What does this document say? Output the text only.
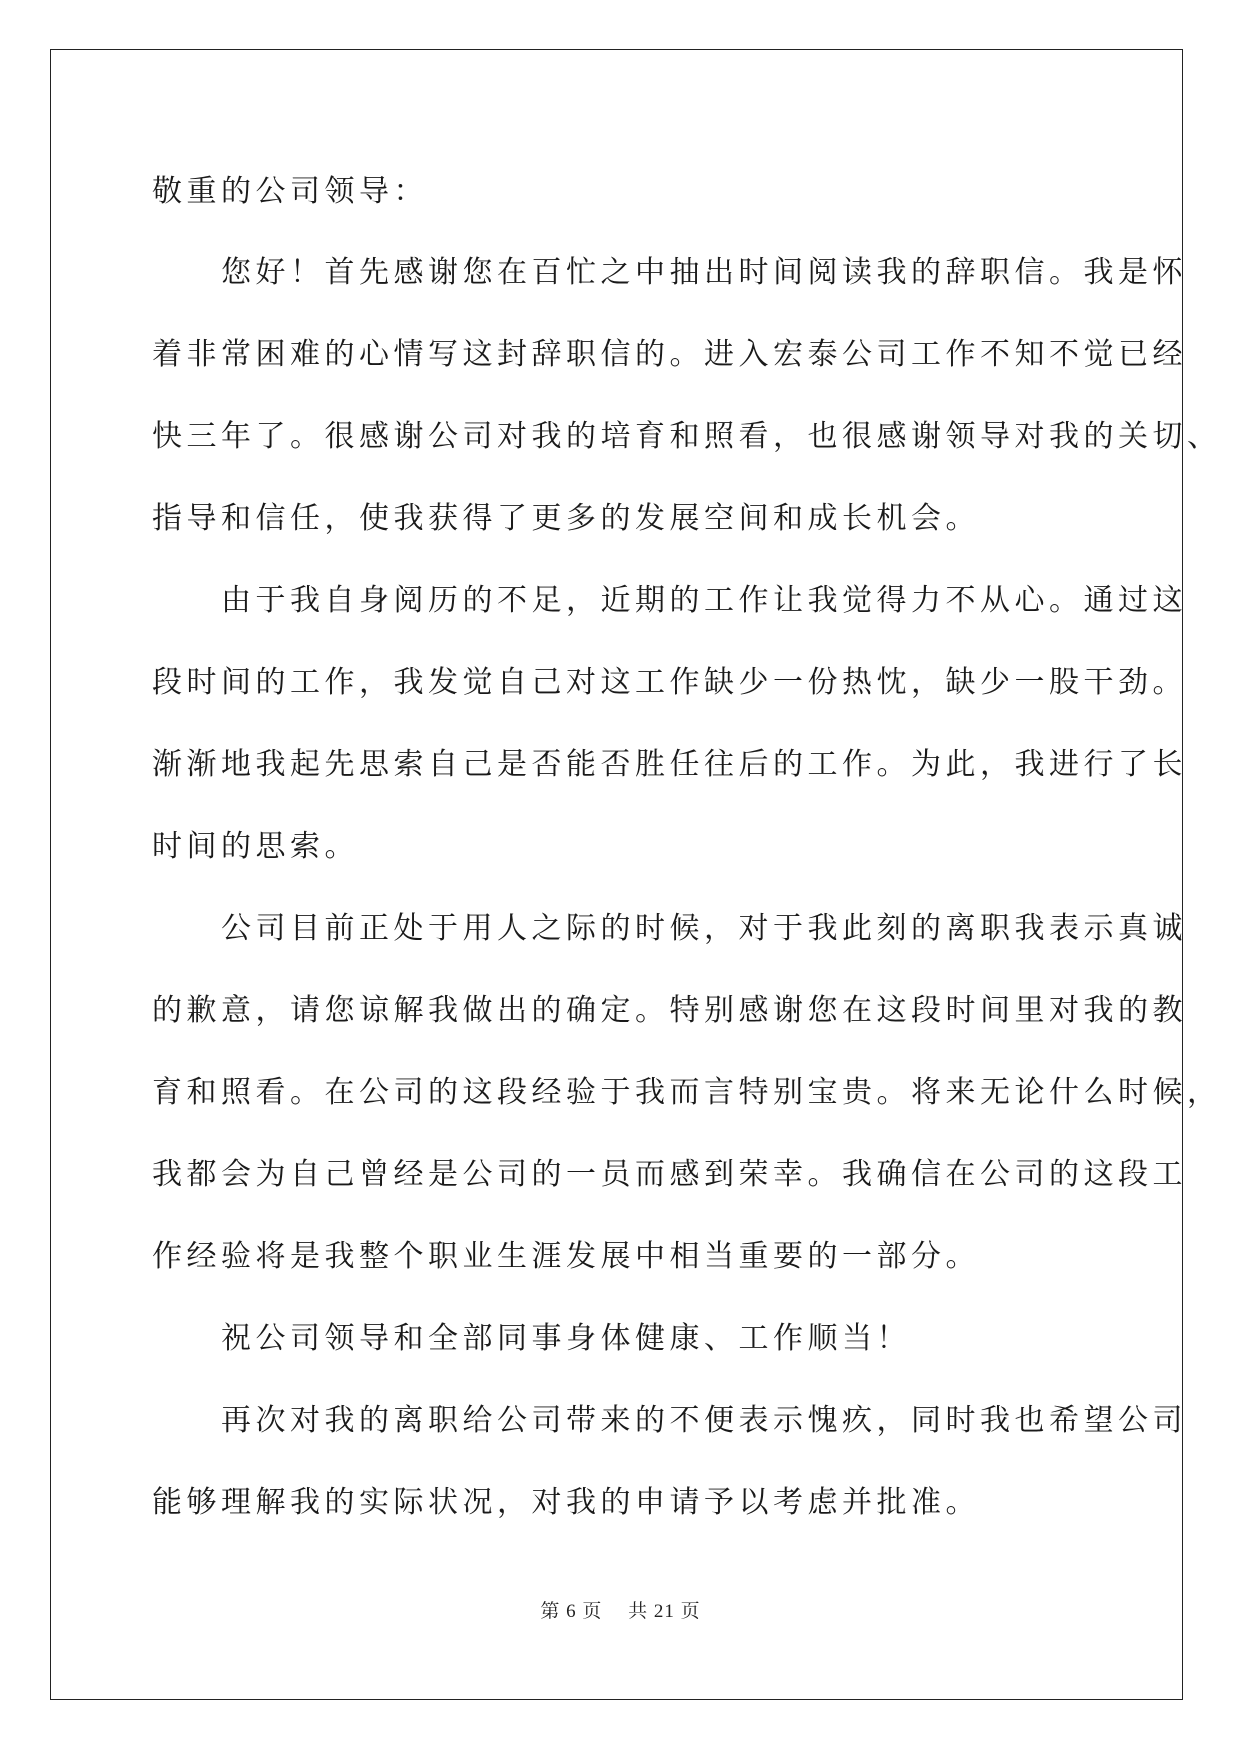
敬重的公司领导：
　　您好！首先感谢您在百忙之中抽出时间阅读我的辞职信。我是怀
着非常困难的心情写这封辞职信的。进入宏泰公司工作不知不觉已经
快三年了。很感谢公司对我的培育和照看，也很感谢领导对我的关切、
指导和信任，使我获得了更多的发展空间和成长机会。
　　由于我自身阅历的不足，近期的工作让我觉得力不从心。通过这
段时间的工作，我发觉自己对这工作缺少一份热忱，缺少一股干劲。
渐渐地我起先思索自己是否能否胜任往后的工作。为此，我进行了长
时间的思索。
　　公司目前正处于用人之际的时候，对于我此刻的离职我表示真诚
的歉意，请您谅解我做出的确定。特别感谢您在这段时间里对我的教
育和照看。在公司的这段经验于我而言特别宝贵。将来无论什么时候，
我都会为自己曾经是公司的一员而感到荣幸。我确信在公司的这段工
作经验将是我整个职业生涯发展中相当重要的一部分。
　　祝公司领导和全部同事身体健康、工作顺当！
　　再次对我的离职给公司带来的不便表示愧疚，同时我也希望公司
能够理解我的实际状况，对我的申请予以考虑并批准。
第 6 页 共 21 页
